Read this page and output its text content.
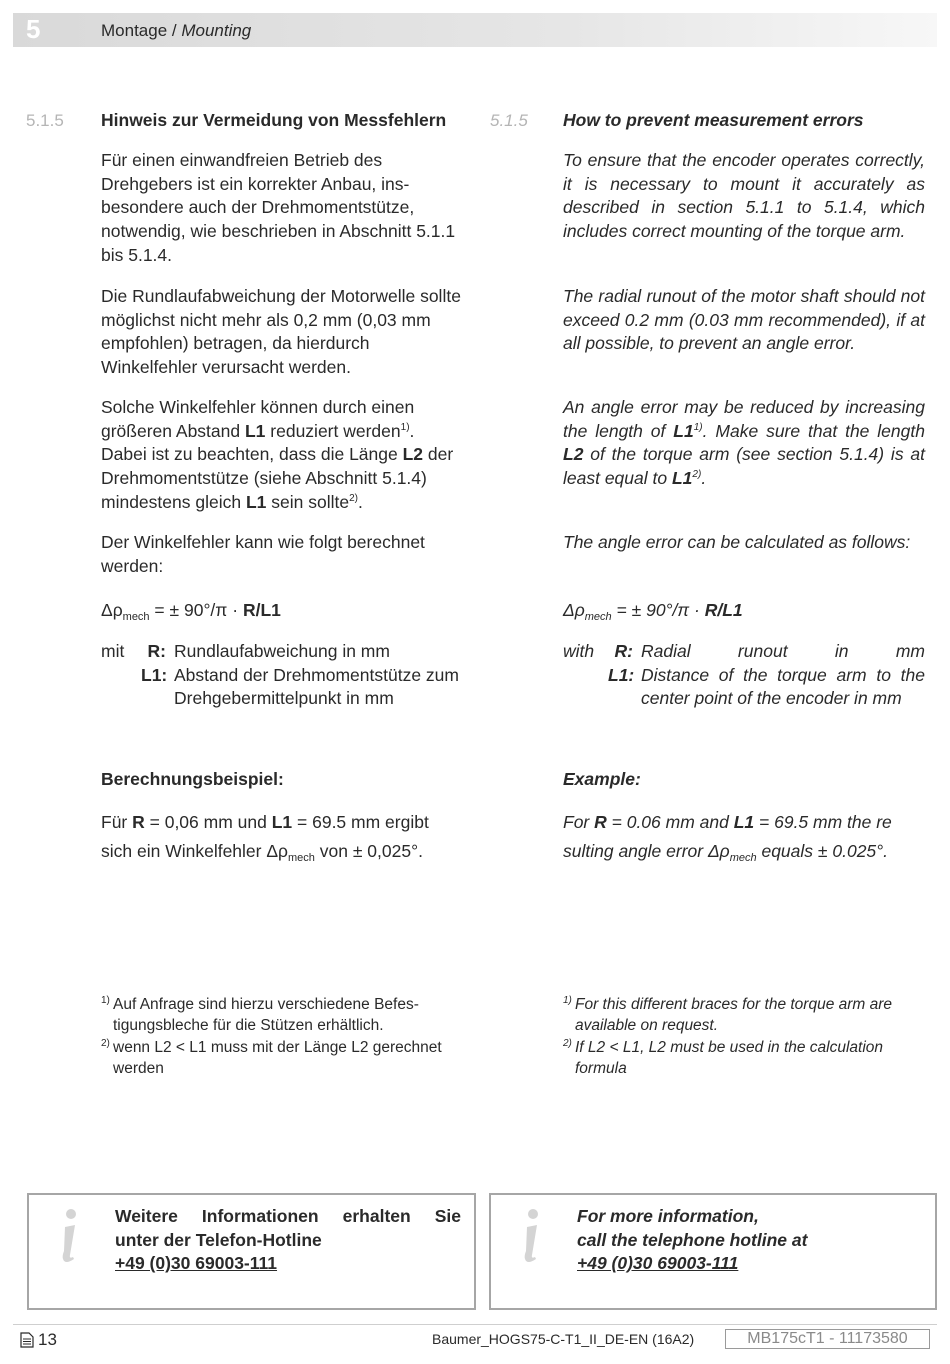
5	Montage / Mounting
5.1.5 Hinweis zur Vermeidung von Messfehlern	5.1.5 How to prevent measurement errors
Für einen einwandfreien Betrieb des Drehgebers ist ein korrekter Anbau, insbesondere auch der Drehmomentstütze, notwendig, wie beschrieben in Abschnitt 5.1.1 bis 5.1.4.
Die Rundlaufabweichung der Motorwelle sollte möglichst nicht mehr als 0,2 mm (0,03 mm empfohlen) betragen, da hierdurch Winkelfehler verursacht werden.
Solche Winkelfehler können durch einen größeren Abstand L1 reduziert werden$^{1)}$. Dabei ist zu beachten, dass die Länge L2 der Drehmomentstütze (siehe Abschnitt 5.1.4) mindestens gleich L1 sein sollte$^{2)}$.
Der Winkelfehler kann wie folgt berechnet werden:
$\Delta\rho_{mech}$ = ± 90°/π · R/L1
mit	R: Rundlaufabweichung in mm
L1: Abstand der Drehmomentstütze zum Drehgebermittelpunkt in mm
Berechnungsbeispiel:
Für R = 0,06 mm und L1 = 69.5 mm ergibt
sich ein Winkelfehler $\Delta\rho_{mech}$ von ± 0,025°.
1) Auf Anfrage sind hierzu verschiedene Befestigungsbleche für die Stützen erhältlich.
2) wenn L2 < L1 muss mit der Länge L2 gerechnet werden
To ensure that the encoder operates correctly, it is necessary to mount it accurately as described in section 5.1.1 to 5.1.4, which includes correct mounting of the torque arm.
The radial runout of the motor shaft should not exceed 0.2 mm (0.03 mm recommended), if at all possible, to prevent an angle error.
An angle error may be reduced by increasing the length of L1$^{1)}$. Make sure that the length L2 of the torque arm (see section 5.1.4) is at least equal to L1$^{2)}$.
The angle error can be calculated as follows:
$\Delta\rho_{mech}$ = ± 90°/π · R/L1
with	R: Radial runout in mm
L1: Distance of the torque arm to the center point of the encoder in mm
Example:
For R = 0.06 mm and L1 = 69.5 mm the re
sulting angle error $\Delta\rho_{mech}$ equals ± 0.025°.
1) For this different braces for the torque arm are available on request.
2) If L2 < L1, L2 must be used in the calculation formula
Weitere Informationen erhalten Sie
unter der Telefon-Hotline
+49 (0)30 69003-111
For more information,
call the telephone hotline at
+49 (0)30 69003-111
13	Baumer_HOGS75-C-T1_II_DE-EN (16A2)	MB175cT1 - 11173580
